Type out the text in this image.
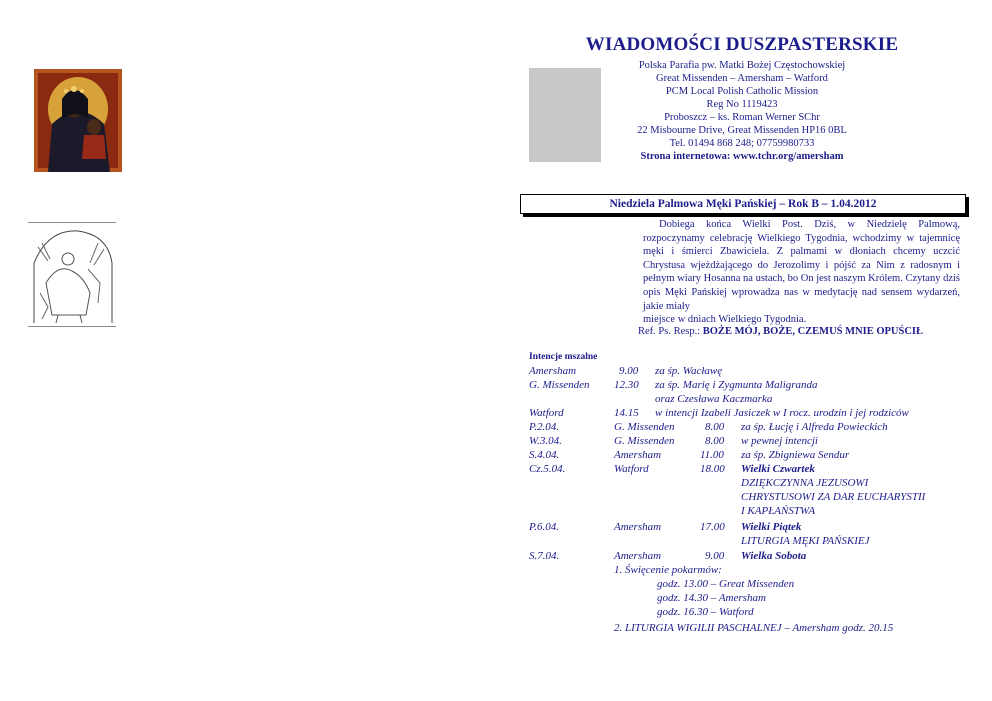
WIADOMOŚCI DUSZPASTERSKIE
Polska Parafia pw. Matki Bożej Częstochowskiej
Great Missenden – Amersham – Watford
PCM Local Polish Catholic Mission
Reg No 1119423
Proboszcz – ks. Roman Werner SChr
22 Misbourne Drive, Great Missenden HP16 0BL
Tel. 01494 868 248; 07759980733
Strona internetowa: www.tchr.org/amersham
Niedziela Palmowa Męki Pańskiej – Rok B – 1.04.2012
Dobiega końca Wielki Post. Dziś, w Niedzielę Palmową, rozpoczynamy celebrację Wielkiego Tygodnia, wchodzimy w tajemnicę męki i śmierci Zbawiciela. Z palmami w dłoniach chcemy uczcić Chrystusa wjeżdżającego do Jerozolimy i pójść za Nim z radosnym i pełnym wiary Hosanna na ustach, bo On jest naszym Królem. Czytany dziś opis Męki Pańskiej wprowadza nas w medytację nad sensem wydarzeń, jakie miały
miejsce w dniach Wielkiego Tygodnia.
Ref. Ps. Resp.: BOŻE MÓJ, BOŻE, CZEMUŚ MNIE OPUŚCIŁ
Intencje mszalne
Amersham	9.00 za śp. Wacławę
G. Missenden 12.30 za śp. Marię i Zygmunta Maligranda
oraz Czesława Kaczmarka
Watford	14.15 w intencji Izabeli Jasiczek w I rocz. urodzin i jej rodziców
P.2.04.	G. Missenden	8.00 za śp. Łucję i Alfreda Powieckich
W.3.04.	G. Missenden	8.00 w pewnej intencji
S.4.04.	Amersham	11.00 za śp. Zbigniewa Sendur
Cz.5.04.	Watford	18.00 Wielki Czwartek
DZIĘKCZYNNA JEZUSOWI
CHRYSTUSOWI ZA DAR EUCHARYSTII
I KAPŁAŃSTWA
P.6.04.	Amersham	17.00 Wielki Piątek
LITURGIA MĘKI PAŃSKIEJ
S.7.04.	Amersham	9.00 Wielka Sobota
1. Święcenie pokarmów:
godz. 13.00 – Great Missenden
godz. 14.30 – Amersham
godz. 16.30 – Watford
2. LITURGIA WIGILII PASCHALNEJ – Amersham godz. 20.15
